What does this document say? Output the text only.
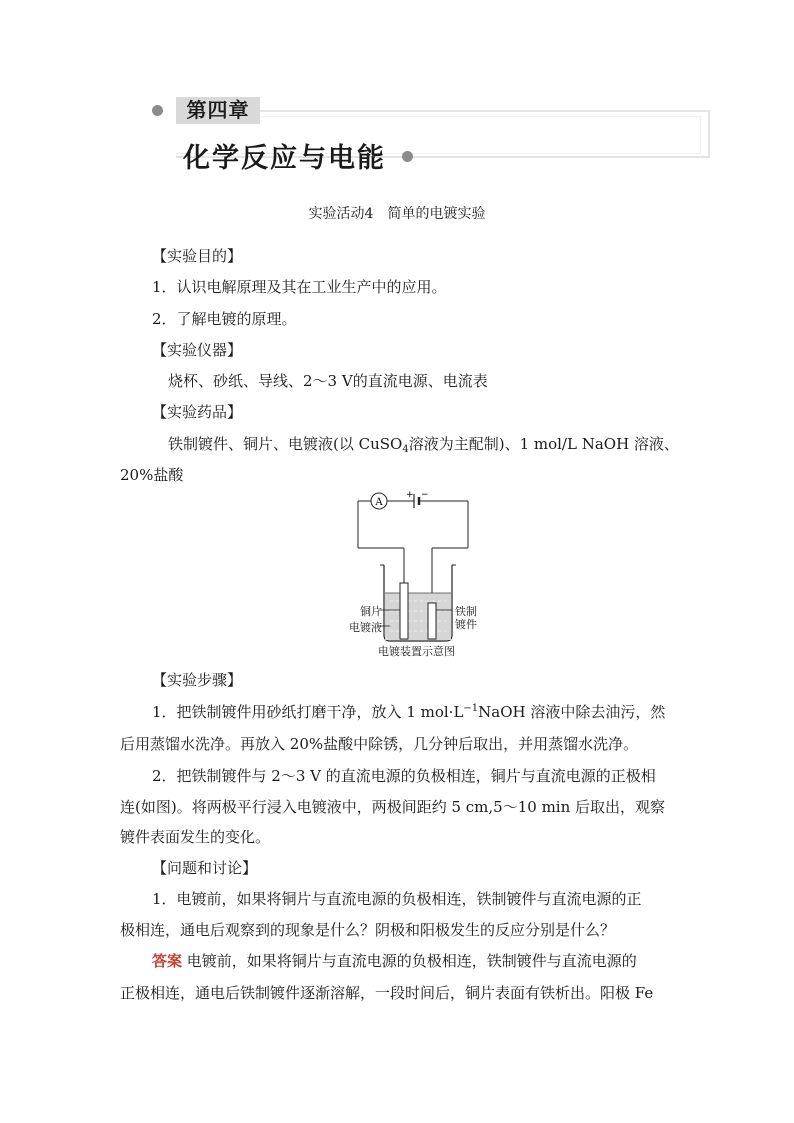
第四章
化学反应与电能
实验活动4　简单的电镀实验
【实验目的】
1．认识电解原理及其在工业生产中的应用。
2．了解电镀的原理。
【实验仪器】
烧杯、砂纸、导线、2～3 V的直流电源、电流表
【实验药品】
铁制镀件、铜片、电镀液(以 CuSO$_4$溶液为主配制)、1 mol/L NaOH 溶液、
20%盐酸
A
+ −
铜片
电镀液
铁制
镀件
电镀装置示意图
【实验步骤】
1．把铁制镀件用砂纸打磨干净，放入 1 $mol\cdot L^{-1}NaOH$ 溶液中除去油污，然
后用蒸馏水洗净。再放入 20%盐酸中除锈，几分钟后取出，并用蒸馏水洗净。
2．把铁制镀件与 2～3 V 的直流电源的负极相连，铜片与直流电源的正极相
连(如图)。将两极平行浸入电镀液中，两极间距约 5 cm,5～10 min 后取出，观察
镀件表面发生的变化。
【问题和讨论】
1．电镀前，如果将铜片与直流电源的负极相连，铁制镀件与直流电源的正
极相连，通电后观察到的现象是什么？阴极和阳极发生的反应分别是什么？
答案 电镀前，如果将铜片与直流电源的负极相连，铁制镀件与直流电源的
正极相连，通电后铁制镀件逐渐溶解，一段时间后，铜片表面有铁析出。阳极 Fe
